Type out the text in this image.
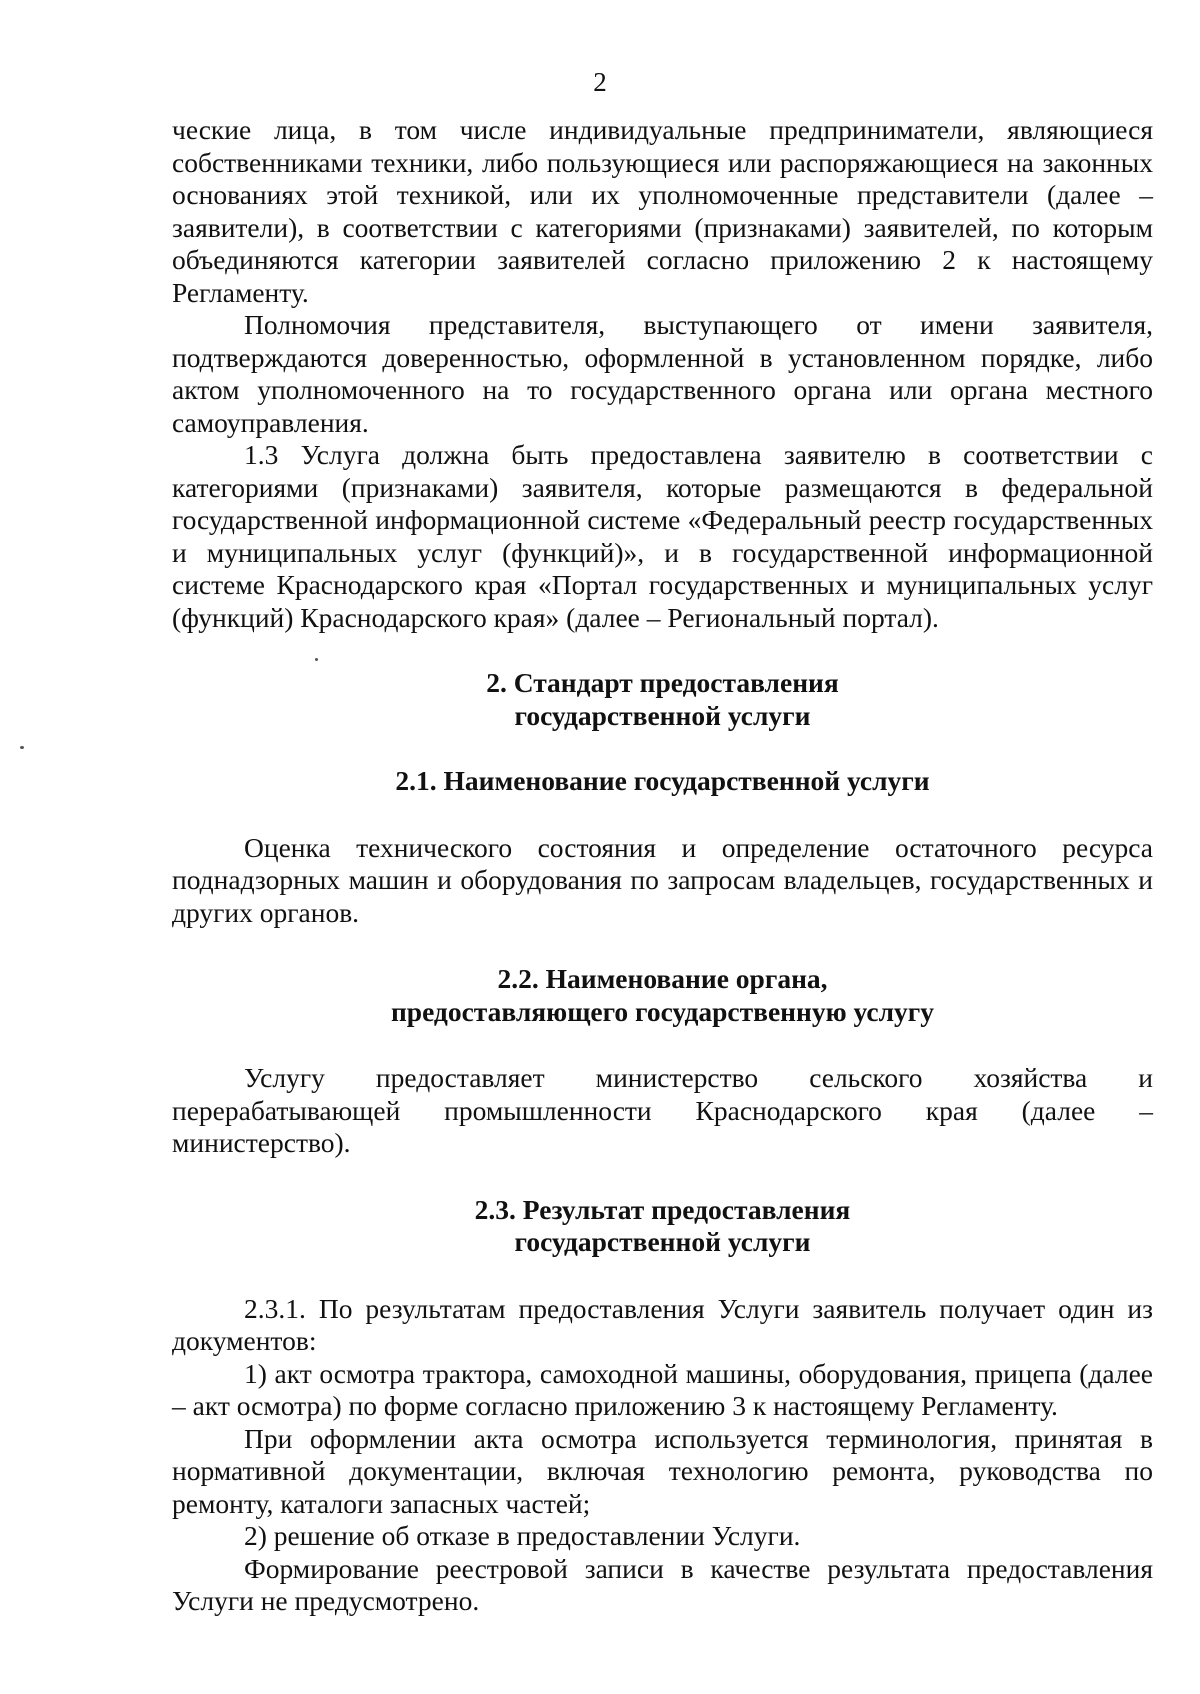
2

ческие лица, в том числе индивидуальные предприниматели, являющиеся собственниками техники, либо пользующиеся или распоряжающиеся на законных основаниях этой техникой, или их уполномоченные представители (далее – заявители), в соответствии с категориями (признаками) заявителей, по которым объединяются категории заявителей согласно приложению 2 к настоящему Регламенту.

Полномочия представителя, выступающего от имени заявителя, подтверждаются доверенностью, оформленной в установленном порядке, либо актом уполномоченного на то государственного органа или органа местного самоуправления.

1.3 Услуга должна быть предоставлена заявителю в соответствии с категориями (признаками) заявителя, которые размещаются в федеральной государственной информационной системе «Федеральный реестр государственных и муниципальных услуг (функций)», и в государственной информационной системе Краснодарского края «Портал государственных и муниципальных услуг (функций) Краснодарского края» (далее – Региональный портал).

2. Стандарт предоставления
государственной услуги
2.1. Наименование государственной услуги

Оценка технического состояния и определение остаточного ресурса поднадзорных машин и оборудования по запросам владельцев, государственных и других органов.

2.2. Наименование органа,
предоставляющего государственную услугу

Услугу предоставляет министерство сельского хозяйства и перерабатывающей промышленности Краснодарского края (далее – министерство).

2.3. Результат предоставления
государственной услуги

2.3.1. По результатам предоставления Услуги заявитель получает один из документов:

1) акт осмотра трактора, самоходной машины, оборудования, прицепа (далее – акт осмотра) по форме согласно приложению 3 к настоящему Регламенту.

При оформлении акта осмотра используется терминология, принятая в нормативной документации, включая технологию ремонта, руководства по ремонту, каталоги запасных частей;

2) решение об отказе в предоставлении Услуги.

Формирование реестровой записи в качестве результата предоставления Услуги не предусмотрено.
